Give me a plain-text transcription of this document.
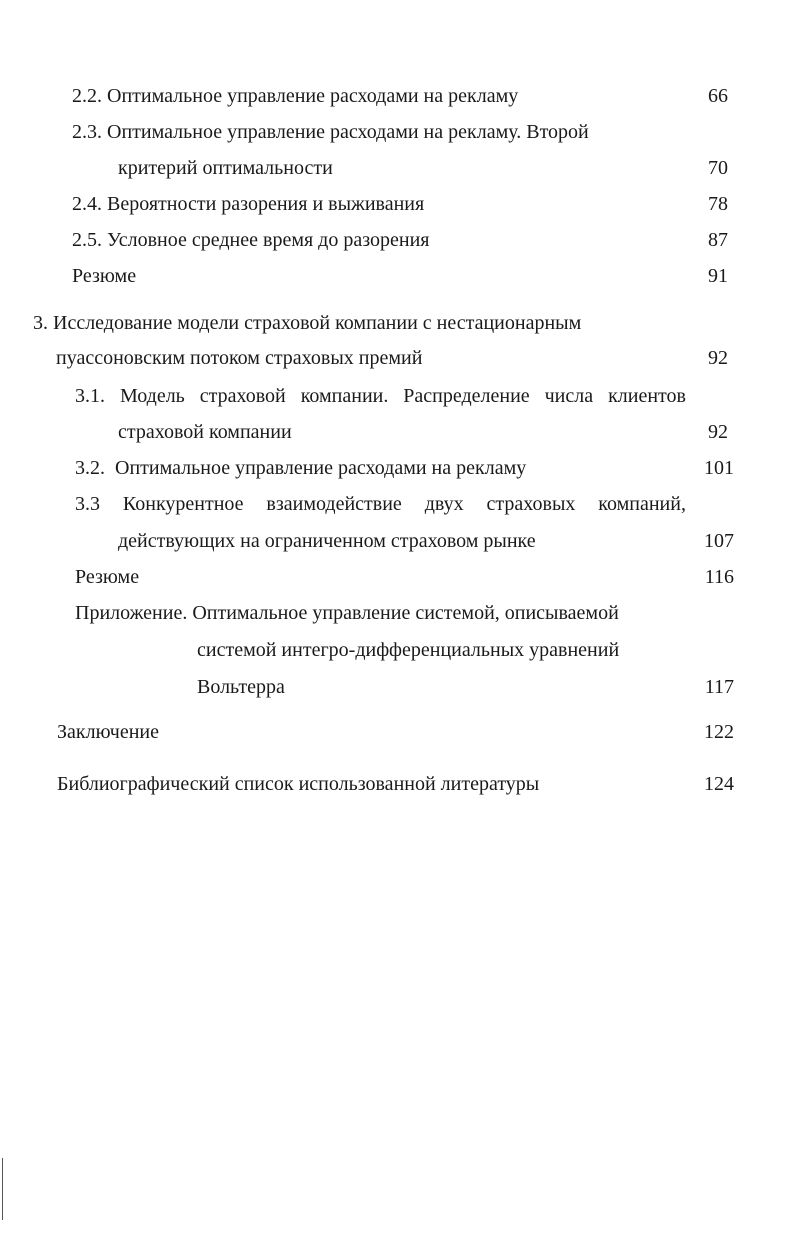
2.2. Оптимальное управление расходами на рекламу	66
2.3. Оптимальное управление расходами на рекламу. Второй
критерий оптимальности	70
2.4. Вероятности разорения и выживания	78
2.5. Условное среднее время до разорения	87
Резюме	91
3. Исследование модели страховой компании с нестационарным
пуассоновским потоком страховых премий	92
3.1. Модель страховой компании. Распределение числа клиентов
страховой компании	92
3.2.  Оптимальное управление расходами на рекламу	101
3.3 Конкурентное взаимодействие двух страховых компаний,
действующих на ограниченном страховом рынке	107
Резюме	116
Приложение. Оптимальное управление системой, описываемой
системой интегро-дифференциальных уравнений
Вольтерра	117
Заключение	122
Библиографический список использованной литературы	124
